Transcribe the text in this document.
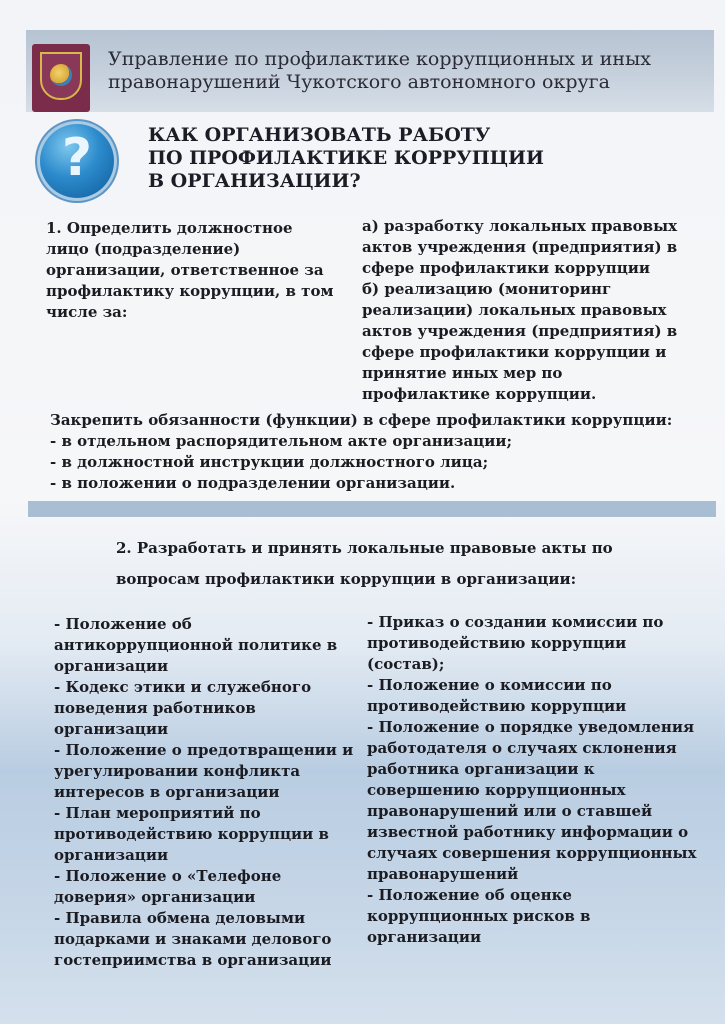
Управление по профилактике коррупционных и иных правонарушений Чукотского автономного округа
?	КАК ОРГАНИЗОВАТЬ РАБОТУ
ПО ПРОФИЛАКТИКЕ КОРРУПЦИИ
В ОРГАНИЗАЦИИ?
1. Определить должностное лицо (подразделение) организации, ответственное за профилактику коррупции, в том числе за:

а) разработку локальных правовых актов учреждения (предприятия) в сфере профилактики коррупции

б) реализацию (мониторинг реализации) локальных правовых актов учреждения (предприятия) в сфере профилактики коррупции и принятие иных мер по профилактике коррупции.

Закрепить обязанности (функции) в сфере профилактики коррупции:

- в отдельном распорядительном акте организации;

- в должностной инструкции должностного лица;

- в положении о подразделении организации.

2. Разработать и принять локальные правовые акты по вопросам профилактики коррупции в организации:

- Положение об антикоррупционной политике в организации

- Кодекс этики и служебного поведения работников организации

- Положение о предотвращении и урегулировании конфликта интересов в организации

- План мероприятий по противодействию коррупции в организации

- Положение о «Телефоне доверия» организации

- Правила обмена деловыми подарками и знаками делового гостеприимства в организации

- Приказ о создании комиссии по противодействию коррупции (состав);

- Положение о комиссии по противодействию коррупции

- Положение о порядке уведомления работодателя о случаях склонения работника организации к совершению коррупционных правонарушений или о ставшей известной работнику информации о случаях совершения коррупционных правонарушений

- Положение об оценке коррупционных рисков в организации
